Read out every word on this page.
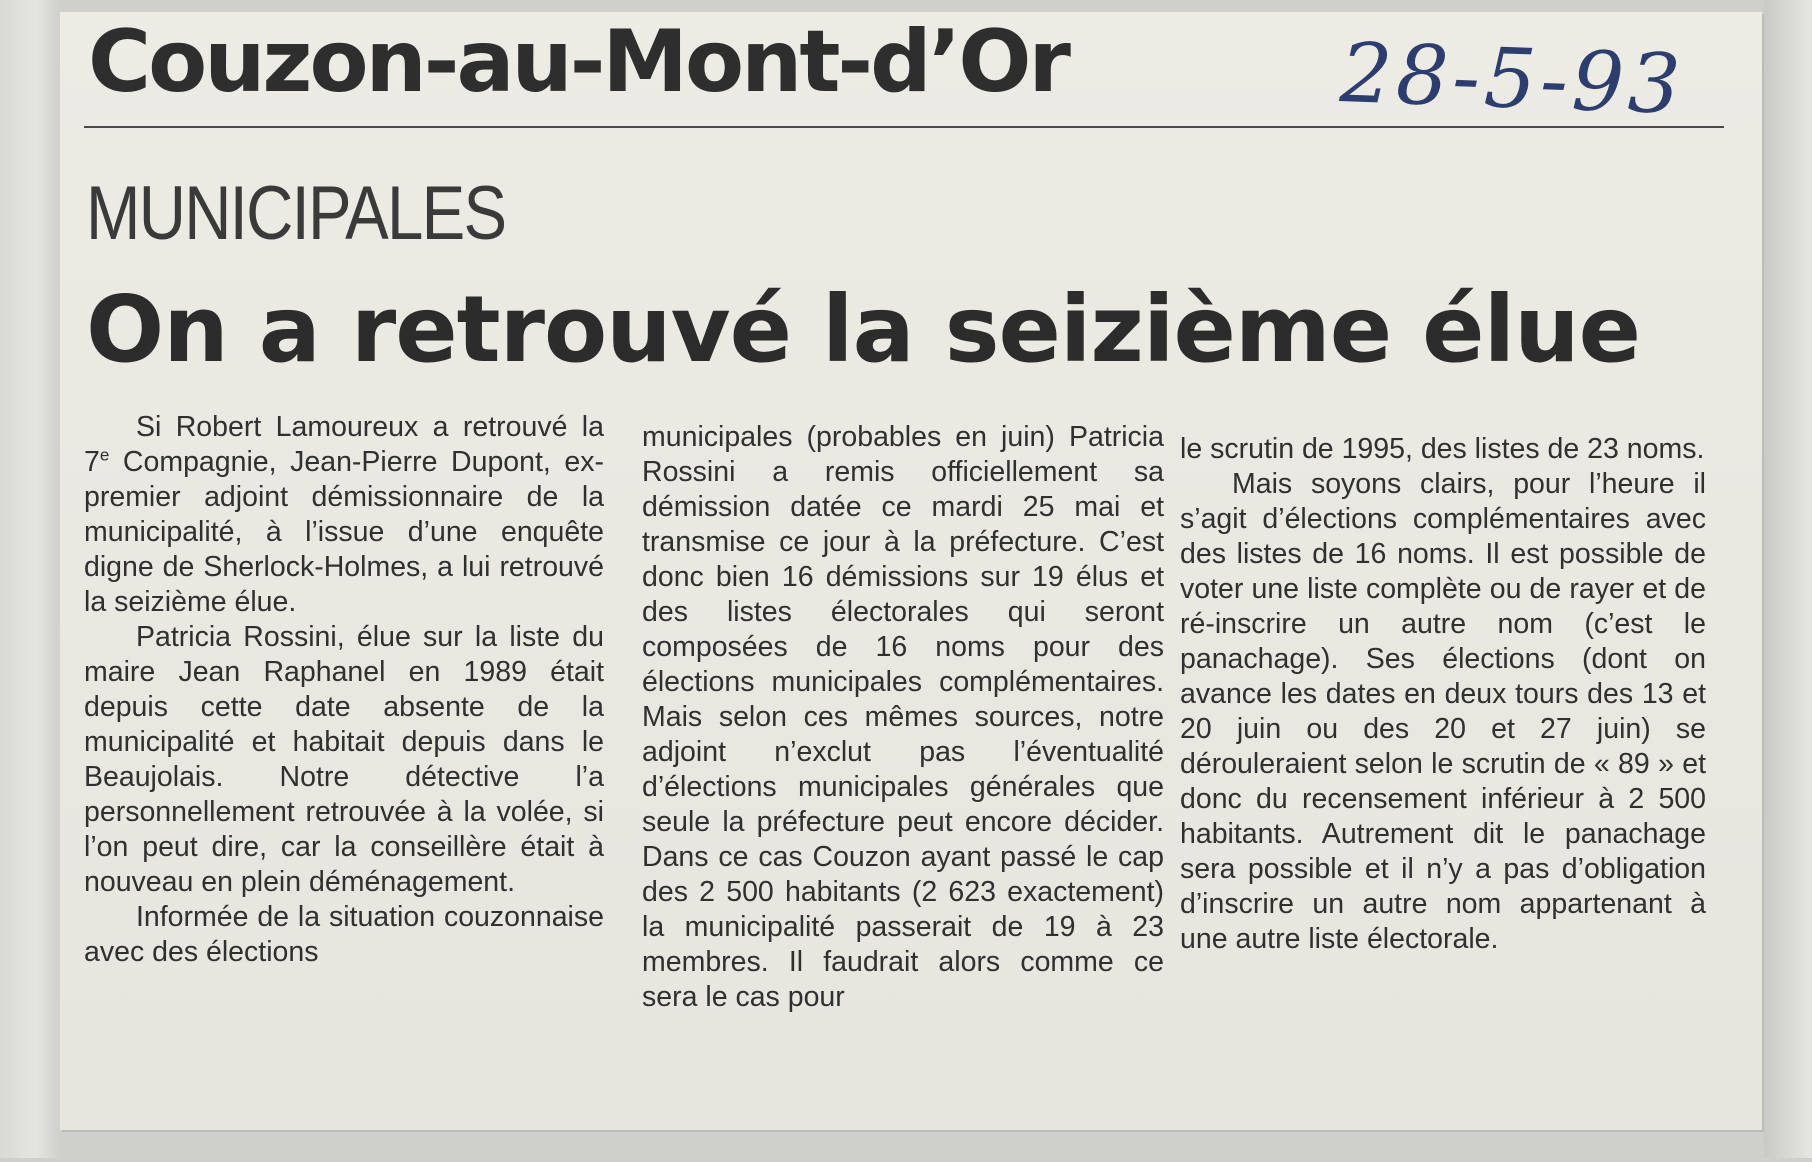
Couzon-au-Mont-d’Or	28-5-93
MUNICIPALES
On a retrouvé la seizième élue

Si Robert Lamoureux a retrouvé la 7e Compagnie, Jean-Pierre Dupont, ex-premier adjoint démissionnaire de la municipalité, à l’issue d’une enquête digne de Sherlock-Holmes, a lui retrouvé la seizième élue.

Patricia Rossini, élue sur la liste du maire Jean Raphanel en 1989 était depuis cette date absente de la municipalité et habitait depuis dans le Beaujolais. Notre détective l’a personnellement retrouvée à la volée, si l’on peut dire, car la conseillère était à nouveau en plein déménagement.

Informée de la situation couzonnaise avec des élections

municipales (probables en juin) Patricia Rossini a remis officiellement sa démission datée ce mardi 25 mai et transmise ce jour à la préfecture. C’est donc bien 16 démissions sur 19 élus et des listes électorales qui seront composées de 16 noms pour des élections municipales complémentaires. Mais selon ces mêmes sources, notre adjoint n’exclut pas l’éventualité d’élections municipales générales que seule la préfecture peut encore décider. Dans ce cas Couzon ayant passé le cap des 2 500 habitants (2 623 exactement) la municipalité passerait de 19 à 23 membres. Il faudrait alors comme ce sera le cas pour

le scrutin de 1995, des listes de 23 noms.

Mais soyons clairs, pour l’heure il s’agit d’élections complémentaires avec des listes de 16 noms. Il est possible de voter une liste complète ou de rayer et de ré-inscrire un autre nom (c’est le panachage). Ses élections (dont on avance les dates en deux tours des 13 et 20 juin ou des 20 et 27 juin) se dérouleraient selon le scrutin de « 89 » et donc du recensement inférieur à 2 500 habitants. Autrement dit le panachage sera possible et il n’y a pas d’obligation d’inscrire un autre nom appartenant à une autre liste électorale.
